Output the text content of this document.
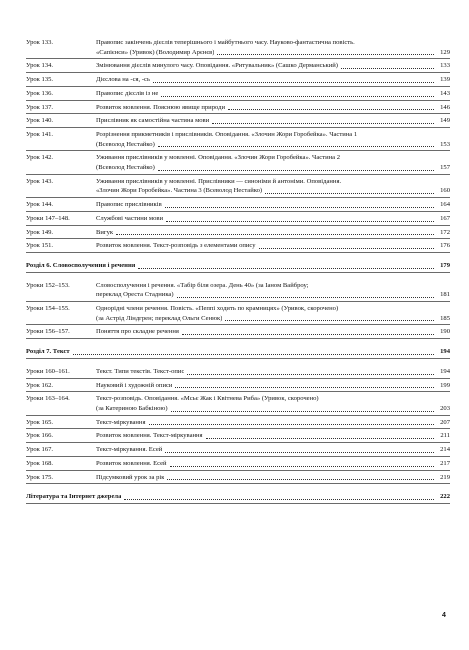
Урок 133.	Правопис закінчень дієслів теперішнього і майбутнього часу. Науково-фантастична повість.
«Сапієнси» (Уривок) (Володимир Арєнєв)	129
Урок 134.	Змінювання дієслів минулого часу. Оповідання. «Ритувальник» (Сашко Дерманський)	133
Урок 135.	Дієслова на -ся, -сь	139
Урок 136.	Правопис дієслів із не	143
Урок 137.	Розвиток мовлення. Пояснюю явище природи	146
Урок 140.	Прислівник як самостійна частина мови	149
Урок 141.	Розрізнення прикметників і прислівників. Оповідання. «Злочин Жори Горобейка». Частина 1
(Всеволод Нестайко)	153
Урок 142.	Уживання прислівників у мовленні. Оповідання. «Злочин Жори Горобейка». Частина 2
(Всеволод Нестайко)	157
Урок 143.	Уживання прислівників у мовленні. Прислівники — синоніми й антоніми. Оповідання.
«Злочин Жори Горобейка». Частина 3 (Всеволод Нестайко)	160
Урок 144.	Правопис прислівників	164
Уроки 147–148.	Службові частини мови	167
Урок 149.	Вигук	172
Урок 151.	Розвиток мовлення. Текст-розповідь з елементами опису	176
Розділ 6. Словосполучення і речення	179
Уроки 152–153.	Словосполучення і речення. «Табір біля озера. День 40» (за Іаном Вайброу;
переклад Ореста Стадника)	181
Уроки 154–155.	Однорідні члени речення. Повість. «Пеппі ходить по крамницях» (Уривок, скорочено)
(за Астрід Ліндгрен; переклад Ольги Сенюк)	185
Уроки 156–157.	Поняття про складне речення	190
Розділ 7. Текст	194
Уроки 160–161.	Текст. Типи текстів. Текст-опис	194
Урок 162.	Науковий і художній описи	199
Уроки 163–164.	Текст-розповідь. Оповідання. «Мсьє Жак і Квітнева Риба» (Уривок, скорочено)
(за Катериною Бабкіною)	203
Урок 165.	Текст-міркування	207
Урок 166.	Розвиток мовлення. Текст-міркування	211
Урок 167.	Текст-міркування. Есей	214
Урок 168.	Розвиток мовлення. Есей	217
Урок 175.	Підсумковий урок за рік	219
Література та Інтернет джерела	222
4
